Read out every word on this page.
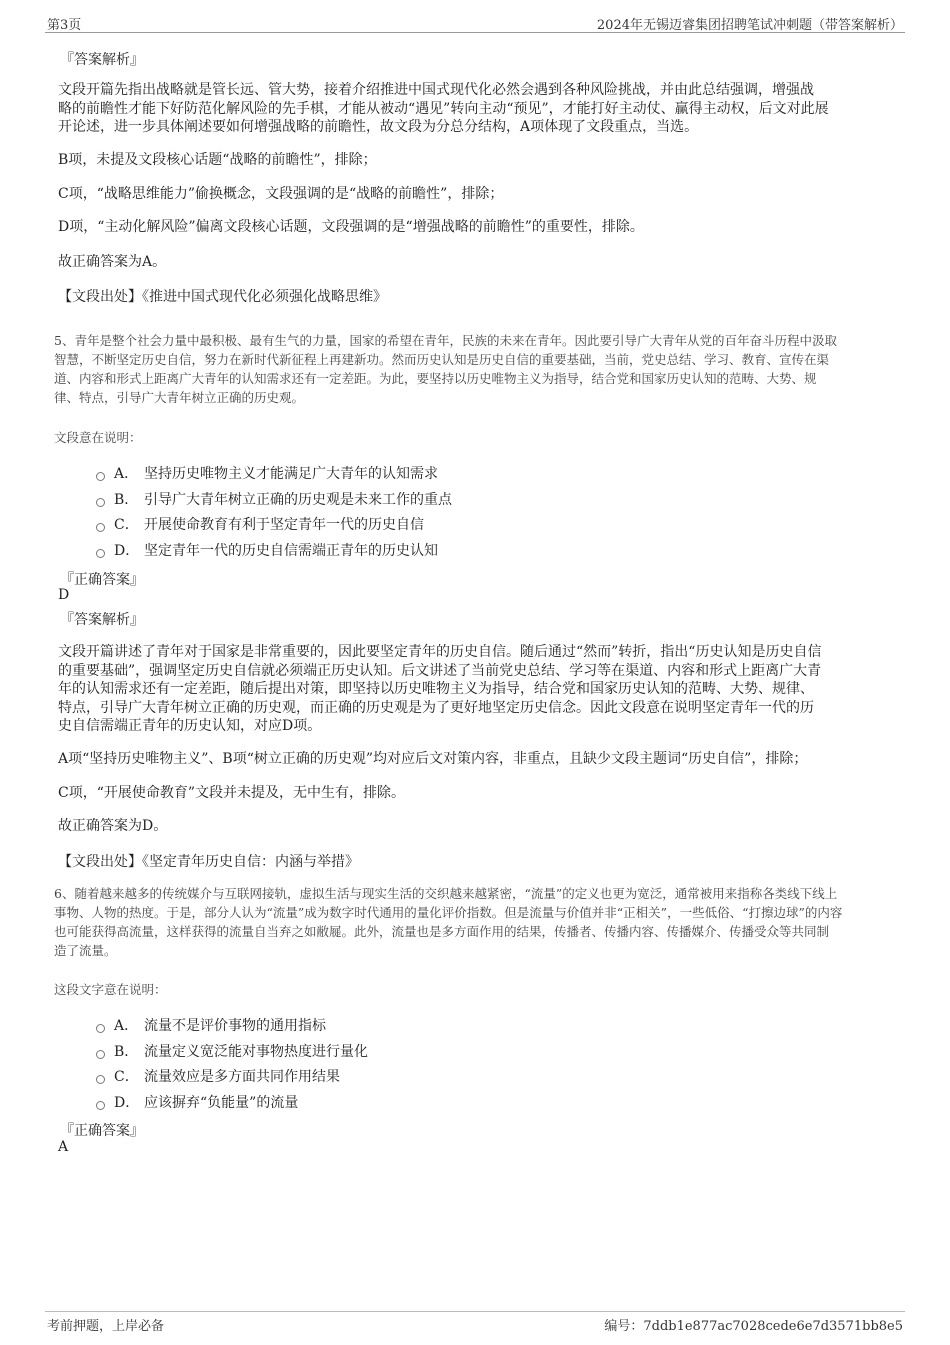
第3页	2024年无锡迈睿集团招聘笔试冲刺题（带答案解析）
『答案解析』
文段开篇先指出战略就是管长远、管大势，接着介绍推进中国式现代化必然会遇到各种风险挑战，并由此总结强调，增强战
略的前瞻性才能下好防范化解风险的先手棋，才能从被动“遇见”转向主动“预见”，才能打好主动仗、赢得主动权，后文对此展
开论述，进一步具体阐述要如何增强战略的前瞻性，故文段为分总分结构，A项体现了文段重点，当选。
B项，未提及文段核心话题“战略的前瞻性”，排除；
C项，“战略思维能力”偷换概念，文段强调的是“战略的前瞻性”，排除；
D项，“主动化解风险”偏离文段核心话题，文段强调的是“增强战略的前瞻性”的重要性，排除。
故正确答案为A。
【文段出处】《推进中国式现代化必须强化战略思维》
5、青年是整个社会力量中最积极、最有生气的力量，国家的希望在青年，民族的未来在青年。因此要引导广大青年从党的百年奋斗历程中汲取
智慧，不断坚定历史自信，努力在新时代新征程上再建新功。然而历史认知是历史自信的重要基础，当前，党史总结、学习、教育、宣传在渠
道、内容和形式上距离广大青年的认知需求还有一定差距。为此，要坚持以历史唯物主义为指导，结合党和国家历史认知的范畴、大势、规
律、特点，引导广大青年树立正确的历史观。
文段意在说明：
A． 坚持历史唯物主义才能满足广大青年的认知需求
B． 引导广大青年树立正确的历史观是未来工作的重点
C． 开展使命教育有利于坚定青年一代的历史自信
D． 坚定青年一代的历史自信需端正青年的历史认知
『正确答案』
D
『答案解析』
文段开篇讲述了青年对于国家是非常重要的，因此要坚定青年的历史自信。随后通过“然而”转折，指出“历史认知是历史自信
的重要基础”，强调坚定历史自信就必须端正历史认知。后文讲述了当前党史总结、学习等在渠道、内容和形式上距离广大青
年的认知需求还有一定差距，随后提出对策，即坚持以历史唯物主义为指导，结合党和国家历史认知的范畴、大势、规律、
特点，引导广大青年树立正确的历史观，而正确的历史观是为了更好地坚定历史信念。因此文段意在说明坚定青年一代的历
史自信需端正青年的历史认知，对应D项。
A项“坚持历史唯物主义”、B项“树立正确的历史观”均对应后文对策内容，非重点，且缺少文段主题词“历史自信”，排除；
C项，“开展使命教育”文段并未提及，无中生有，排除。
故正确答案为D。
【文段出处】《坚定青年历史自信：内涵与举措》
6、随着越来越多的传统媒介与互联网接轨，虚拟生活与现实生活的交织越来越紧密，“流量”的定义也更为宽泛，通常被用来指称各类线下线上
事物、人物的热度。于是，部分人认为“流量”成为数字时代通用的量化评价指数。但是流量与价值并非“正相关”，一些低俗、“打擦边球”的内容
也可能获得高流量，这样获得的流量自当弃之如敝屣。此外，流量也是多方面作用的结果，传播者、传播内容、传播媒介、传播受众等共同制
造了流量。
这段文字意在说明：
A． 流量不是评价事物的通用指标
B． 流量定义宽泛能对事物热度进行量化
C． 流量效应是多方面共同作用结果
D． 应该摒弃“负能量”的流量
『正确答案』
A
考前押题，上岸必备	编号：7ddb1e877ac7028cede6e7d3571bb8e5
